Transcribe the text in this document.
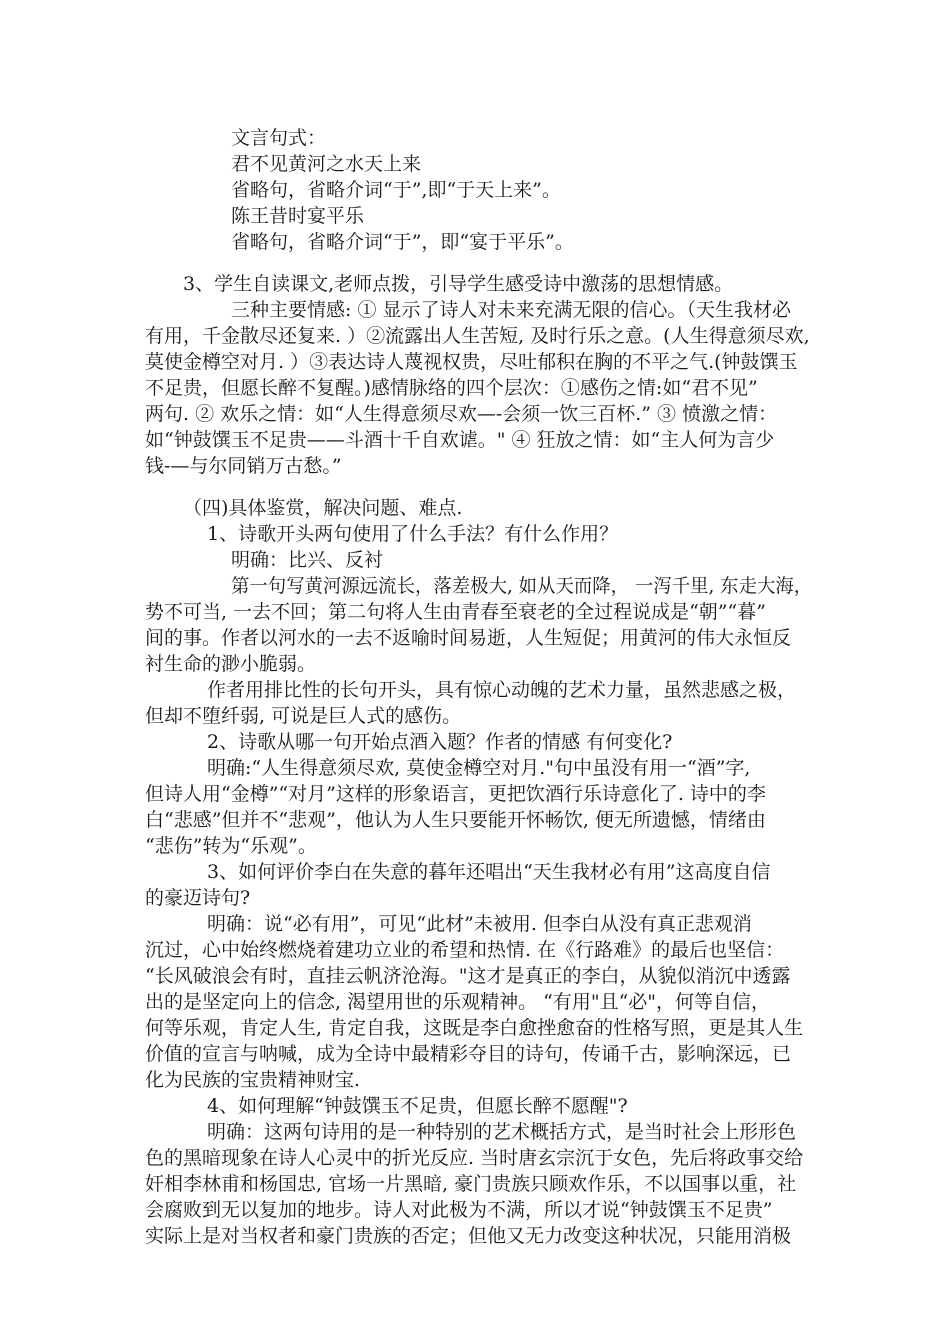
文言句式：
君不见黄河之水天上来
省略句，省略介词“于”,即“于天上来”。
陈王昔时宴平乐
省略句，省略介词“于”，即“宴于平乐”。
3、学生自读课文,老师点拨，引导学生感受诗中激荡的思想情感。
三种主要情感: ① 显示了诗人对未来充满无限的信心。（天生我材必
有用，千金散尽还复来. ）②流露出人生苦短, 及时行乐之意。(人生得意须尽欢,
莫使金樽空对月. ）③表达诗人蔑视权贵，尽吐郁积在胸的不平之气.(钟鼓馔玉
不足贵，但愿长醉不复醒。)感情脉络的四个层次：①感伤之情:如“君不见”
两句. ② 欢乐之情：如“人生得意须尽欢—-会须一饮三百杯.” ③ 愤激之情：
如“钟鼓馔玉不足贵——斗酒十千自欢谑。" ④ 狂放之情：如“主人何为言少
钱-—与尔同销万古愁。”
（四)具体鉴赏，解决问题、难点.
1、诗歌开头两句使用了什么手法？有什么作用？
明确：比兴、反衬
第一句写黄河源远流长，落差极大, 如从天而降， 一泻千里, 东走大海，
势不可当, 一去不回；第二句将人生由青春至衰老的全过程说成是“朝”“暮”
间的事。作者以河水的一去不返喻时间易逝，人生短促；用黄河的伟大永恒反
衬生命的渺小脆弱。
作者用排比性的长句开头，具有惊心动魄的艺术力量，虽然悲感之极，
但却不堕纤弱, 可说是巨人式的感伤。
2、诗歌从哪一句开始点酒入题？作者的情感 有何变化?
明确:“人生得意须尽欢, 莫使金樽空对月."句中虽没有用一“酒”字,
但诗人用“金樽”“对月”这样的形象语言，更把饮酒行乐诗意化了. 诗中的李
白“悲感”但并不“悲观”，他认为人生只要能开怀畅饮, 便无所遗憾，情绪由
“悲伤”转为“乐观”。
3、如何评价李白在失意的暮年还唱出“天生我材必有用”这高度自信
的豪迈诗句?
明确：说“必有用”，可见“此材”未被用. 但李白从没有真正悲观消
沉过，心中始终燃烧着建功立业的希望和热情. 在《行路难》的最后也坚信：
“长风破浪会有时，直挂云帆济沧海。"这才是真正的李白，从貌似消沉中透露
出的是坚定向上的信念, 渴望用世的乐观精神。 “有用"且“必"，何等自信，
何等乐观，肯定人生, 肯定自我，这既是李白愈挫愈奋的性格写照，更是其人生
价值的宣言与呐喊，成为全诗中最精彩夺目的诗句，传诵千古，影响深远，已
化为民族的宝贵精神财宝.
4、如何理解“钟鼓馔玉不足贵，但愿长醉不愿醒"?
明确：这两句诗用的是一种特别的艺术概括方式，是当时社会上形形色
色的黑暗现象在诗人心灵中的折光反应. 当时唐玄宗沉于女色，先后将政事交给
奸相李林甫和杨国忠, 官场一片黑暗, 豪门贵族只顾欢作乐，不以国事以重，社
会腐败到无以复加的地步。诗人对此极为不满，所以才说“钟鼓馔玉不足贵”
实际上是对当权者和豪门贵族的否定；但他又无力改变这种状况，只能用消极
